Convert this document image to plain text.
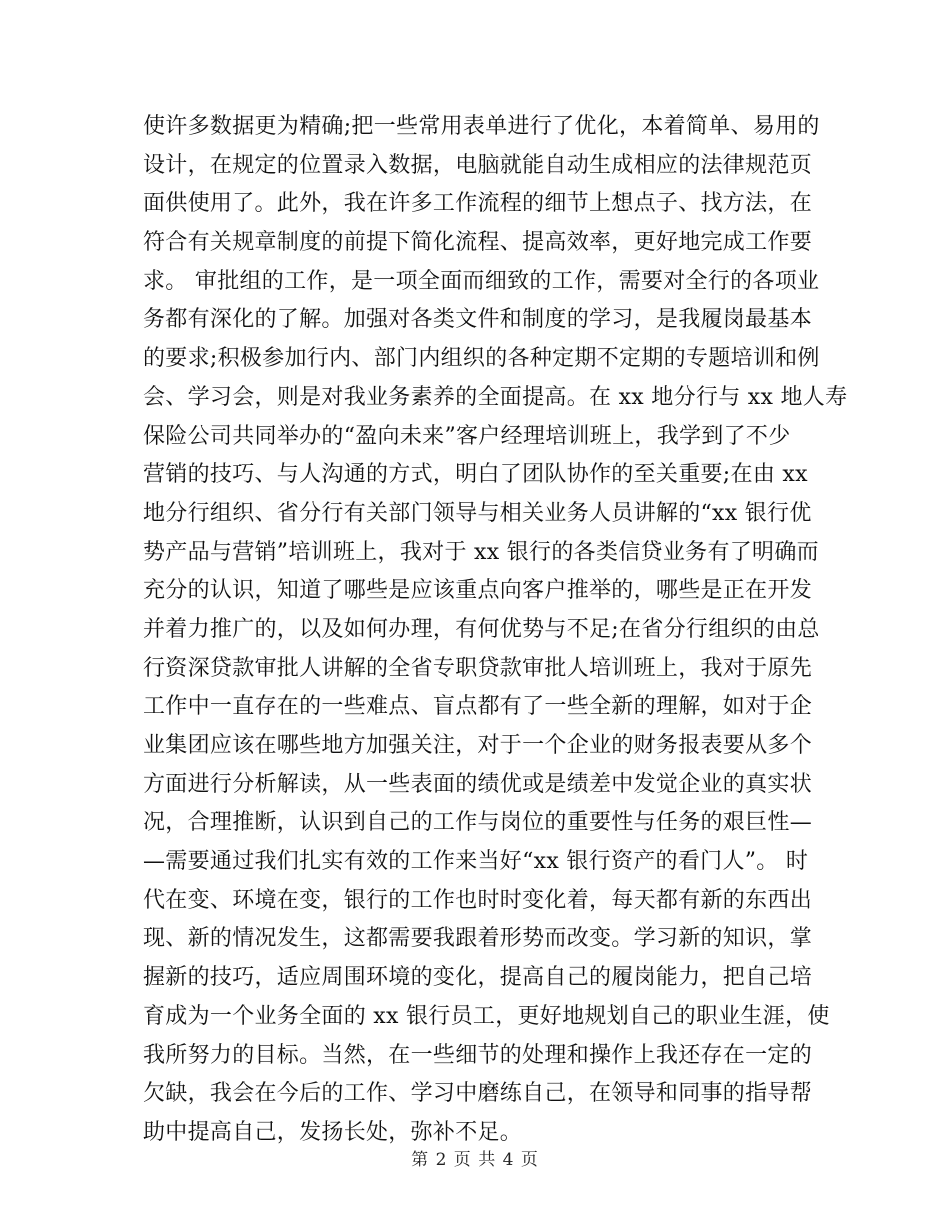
使许多数据更为精确;把一些常用表单进行了优化，本着简单、易用的
设计，在规定的位置录入数据，电脑就能自动生成相应的法律规范页
面供使用了。此外，我在许多工作流程的细节上想点子、找方法，在
符合有关规章制度的前提下简化流程、提高效率，更好地完成工作要
求。 审批组的工作，是一项全面而细致的工作，需要对全行的各项业
务都有深化的了解。加强对各类文件和制度的学习，是我履岗最基本
的要求;积极参加行内、部门内组织的各种定期不定期的专题培训和例
会、学习会，则是对我业务素养的全面提高。在 xx 地分行与 xx 地人寿
保险公司共同举办的“盈向未来”客户经理培训班上，我学到了不少
营销的技巧、与人沟通的方式，明白了团队协作的至关重要;在由 xx
地分行组织、省分行有关部门领导与相关业务人员讲解的“xx 银行优
势产品与营销”培训班上，我对于 xx 银行的各类信贷业务有了明确而
充分的认识，知道了哪些是应该重点向客户推举的，哪些是正在开发
并着力推广的，以及如何办理，有何优势与不足;在省分行组织的由总
行资深贷款审批人讲解的全省专职贷款审批人培训班上，我对于原先
工作中一直存在的一些难点、盲点都有了一些全新的理解，如对于企
业集团应该在哪些地方加强关注，对于一个企业的财务报表要从多个
方面进行分析解读，从一些表面的绩优或是绩差中发觉企业的真实状
况，合理推断，认识到自己的工作与岗位的重要性与任务的艰巨性—
—需要通过我们扎实有效的工作来当好“xx 银行资产的看门人”。 时
代在变、环境在变，银行的工作也时时变化着，每天都有新的东西出
现、新的情况发生，这都需要我跟着形势而改变。学习新的知识，掌
握新的技巧，适应周围环境的变化，提高自己的履岗能力，把自己培
育成为一个业务全面的 xx 银行员工，更好地规划自己的职业生涯，使
我所努力的目标。当然，在一些细节的处理和操作上我还存在一定的
欠缺，我会在今后的工作、学习中磨练自己，在领导和同事的指导帮
助中提高自己，发扬长处，弥补不足。
第 2 页 共 4 页
